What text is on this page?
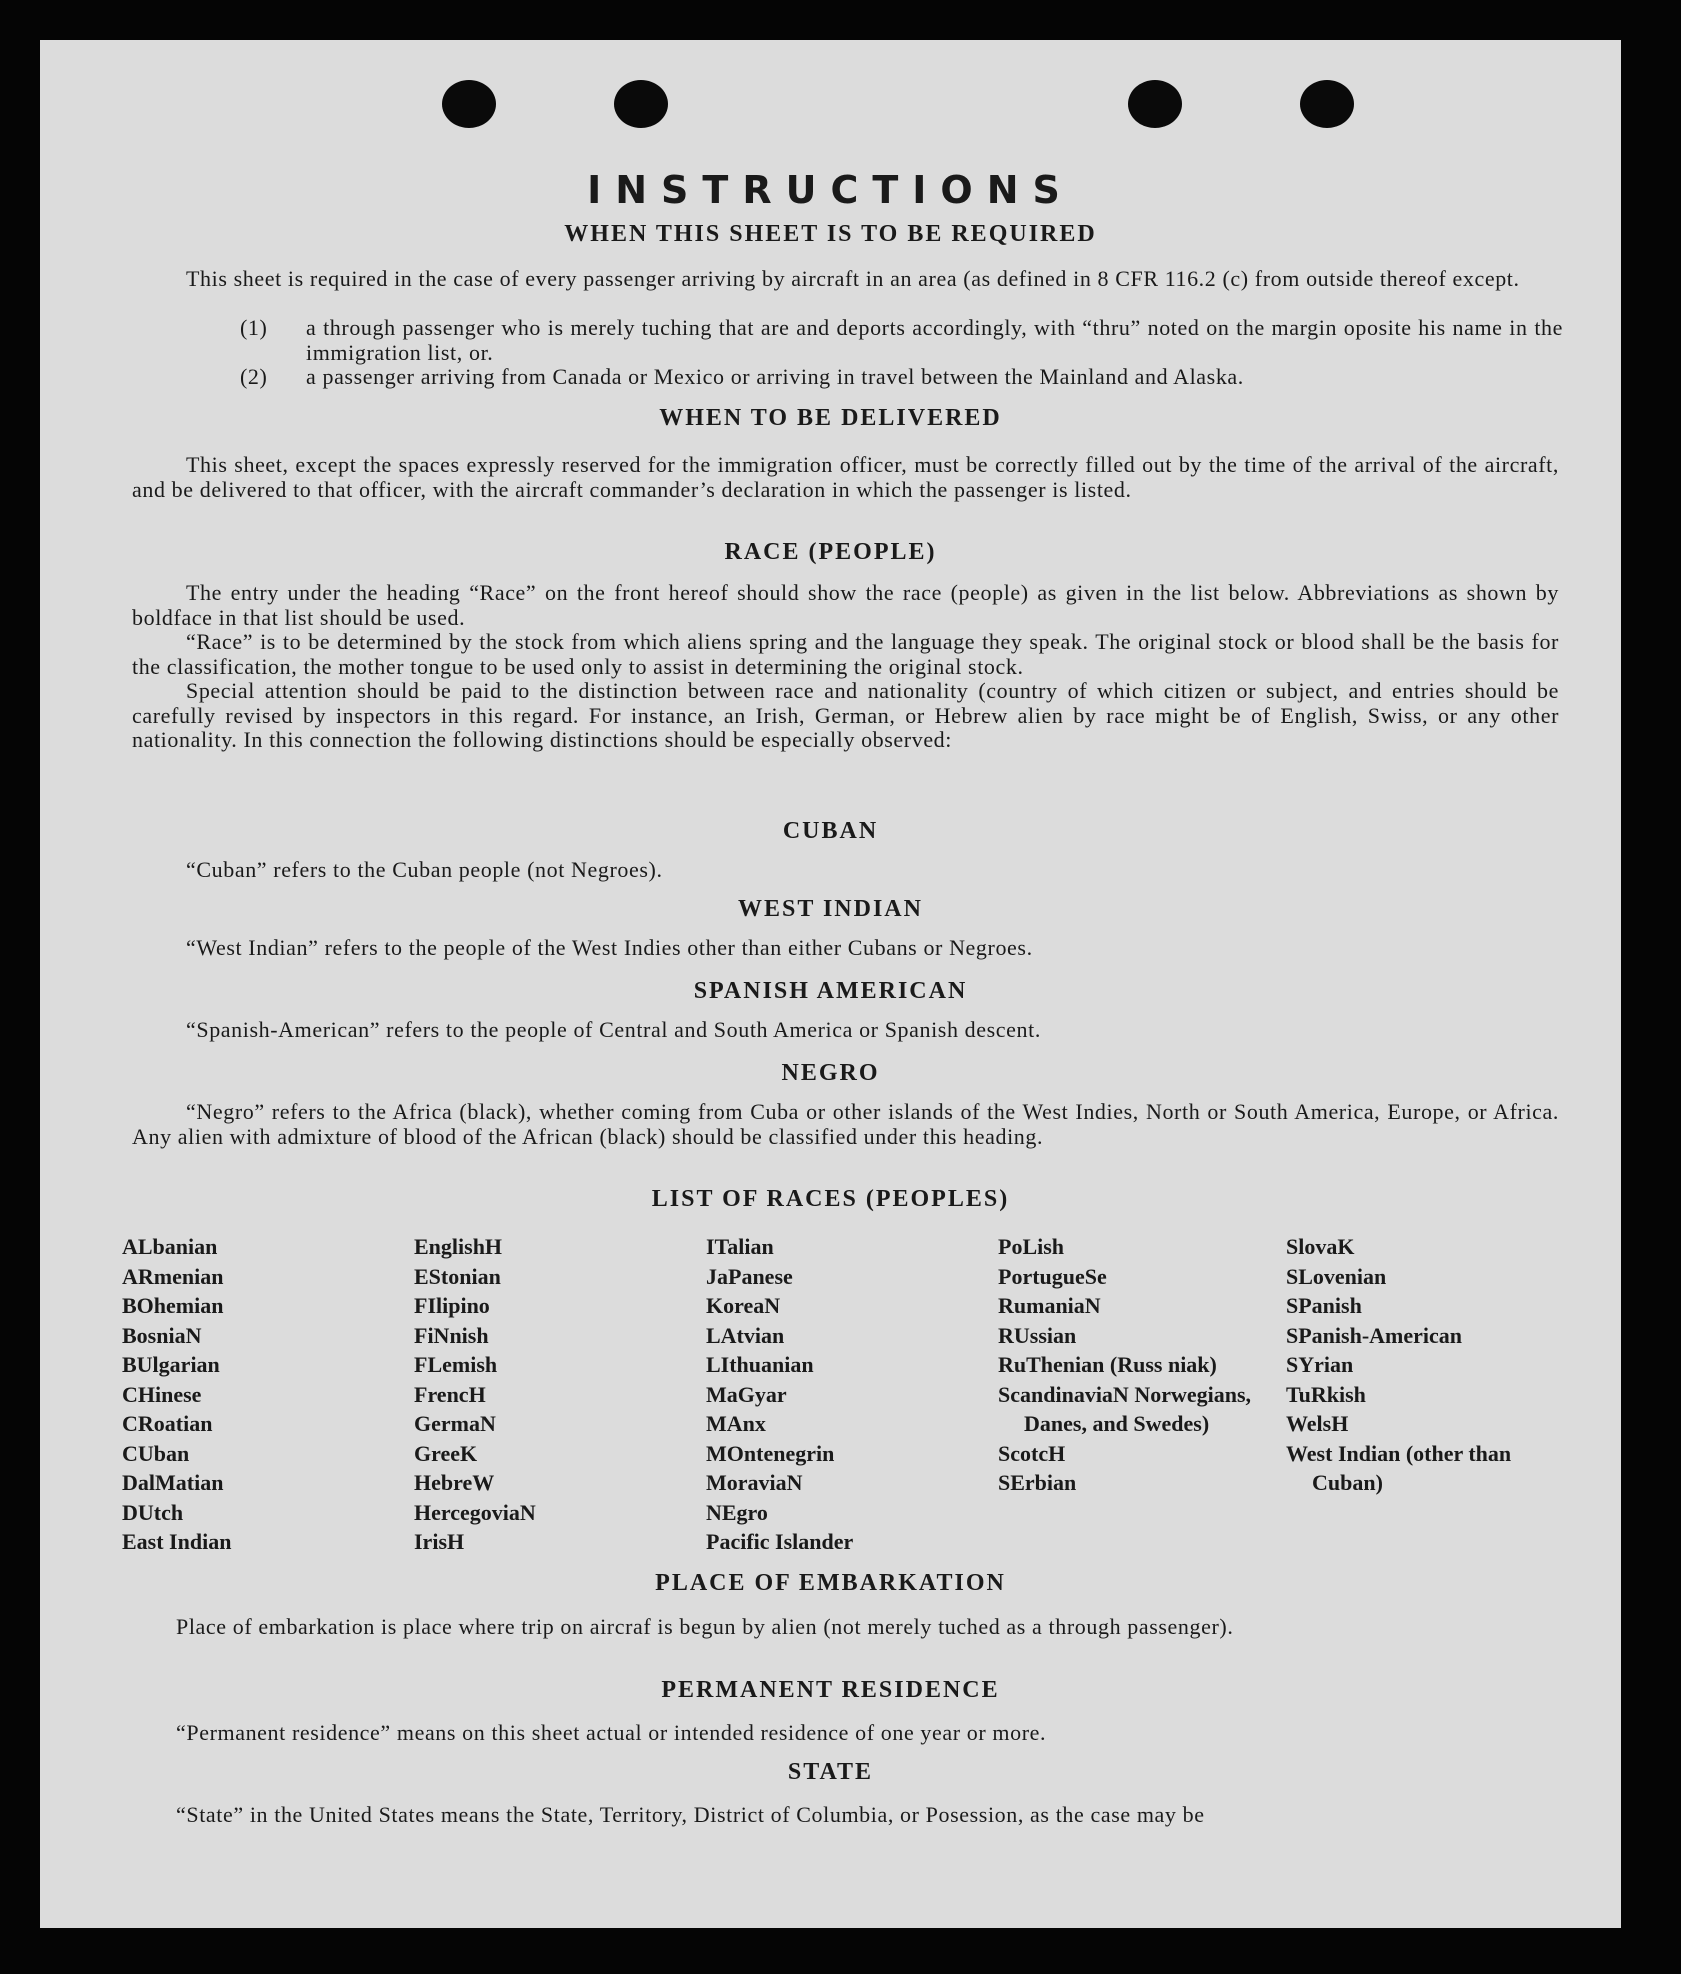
INSTRUCTIONS
WHEN THIS SHEET IS TO BE REQUIRED

This sheet is required in the case of every passenger arriving by aircraft in an area (as defined in 8 CFR 116.2 (c) from outside thereof except.

(1) a through passenger who is merely tuching that are and deports accordingly, with “thru” noted on the margin oposite his name in the immigration list, or.
(2) a passenger arriving from Canada or Mexico or arriving in travel between the Mainland and Alaska.
WHEN TO BE DELIVERED

This sheet, except the spaces expressly reserved for the immigration officer, must be correctly filled out by the time of the arrival of the aircraft, and be delivered to that officer, with the aircraft commander’s declaration in which the passenger is listed.

RACE (PEOPLE)

The entry under the heading “Race” on the front hereof should show the race (people) as given in the list below. Abbreviations as shown by boldface in that list should be used.

“Race” is to be determined by the stock from which aliens spring and the language they speak. The original stock or blood shall be the basis for the classification, the mother tongue to be used only to assist in determining the original stock.

Special attention should be paid to the distinction between race and nationality (country of which citizen or subject, and entries should be carefully revised by inspectors in this regard. For instance, an Irish, German, or Hebrew alien by race might be of English, Swiss, or any other nationality. In this connection the following distinctions should be especially observed:

CUBAN

“Cuban” refers to the Cuban people (not Negroes).

WEST INDIAN

“West Indian” refers to the people of the West Indies other than either Cubans or Negroes.

SPANISH AMERICAN

“Spanish-American” refers to the people of Central and South America or Spanish descent.

NEGRO

“Negro” refers to the Africa (black), whether coming from Cuba or other islands of the West Indies, North or South America, Europe, or Africa. Any alien with admixture of blood of the African (black) should be classified under this heading.

LIST OF RACES (PEOPLES)
ALbanian
ARmenian
BOhemian
BosniaN
BUlgarian
CHinese
CRoatian
CUban
DalMatian
DUtch
East Indian
EnglishH
EStonian
FIlipino
FiNnish
FLemish
FrencH
GermaN
GreeK
HebreW
HercegoviaN
IrisH
ITalian
JaPanese
KoreaN
LAtvian
LIthuanian
MaGyar
MAnx
MOntenegrin
MoraviaN
NEgro
Pacific Islander
PoLish
PortugueSe
RumaniaN
RUssian
RuThenian (Russ niak)
ScandinaviaN Norwegians, Danes, and Swedes)
ScotcH
SErbian
SlovaK
SLovenian
SPanish
SPanish-American
SYrian
TuRkish
WelsH
West Indian (other than Cuban)
PLACE OF EMBARKATION

Place of embarkation is place where trip on aircraf is begun by alien (not merely tuched as a through passenger).

PERMANENT RESIDENCE

“Permanent residence” means on this sheet actual or intended residence of one year or more.

STATE

“State” in the United States means the State, Territory, District of Columbia, or Posession, as the case may be
